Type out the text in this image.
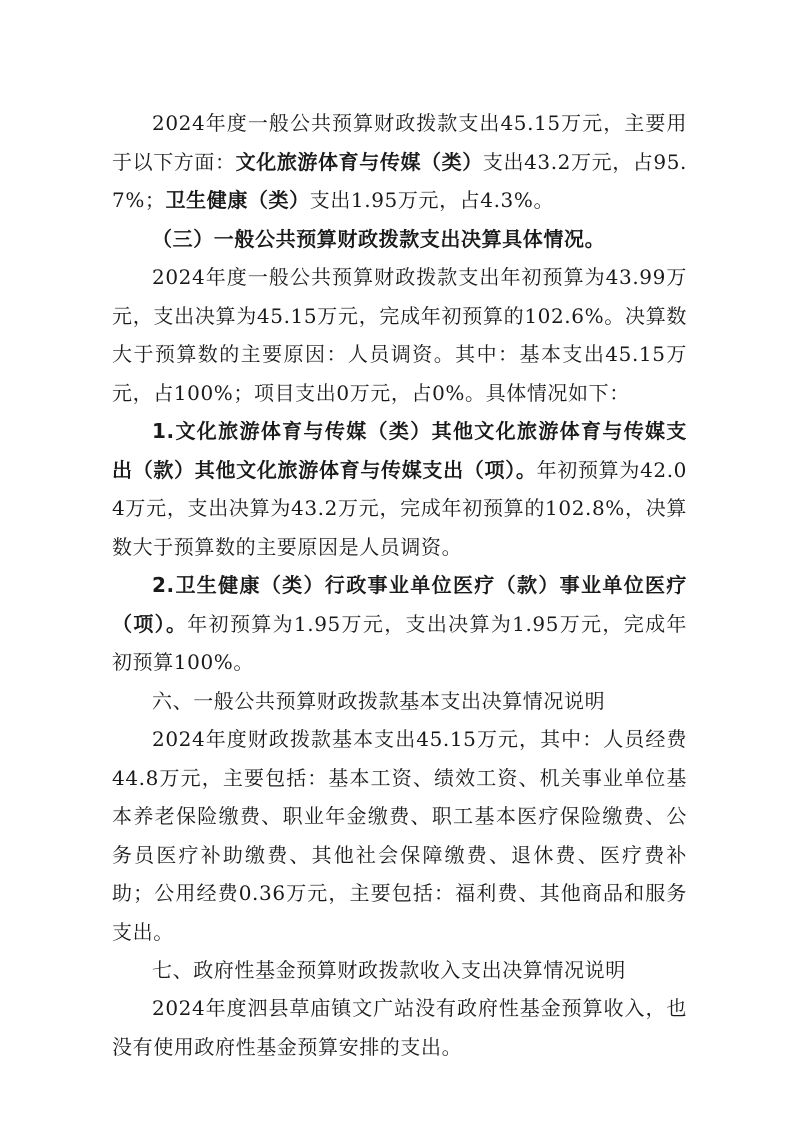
2024年度一般公共预算财政拨款支出45.15万元，主要用于以下方面：文化旅游体育与传媒（类）支出43.2万元，占95.7%；卫生健康（类）支出1.95万元，占4.3%。

（三）一般公共预算财政拨款支出决算具体情况。

2024年度一般公共预算财政拨款支出年初预算为43.99万元，支出决算为45.15万元，完成年初预算的102.6%。决算数大于预算数的主要原因：人员调资。其中：基本支出45.15万元，占100%；项目支出0万元，占0%。具体情况如下：

1.文化旅游体育与传媒（类）其他文化旅游体育与传媒支出（款）其他文化旅游体育与传媒支出（项）。年初预算为42.04万元，支出决算为43.2万元，完成年初预算的102.8%，决算数大于预算数的主要原因是人员调资。

2.卫生健康（类）行政事业单位医疗（款）事业单位医疗（项）。年初预算为1.95万元，支出决算为1.95万元，完成年初预算100%。

六、一般公共预算财政拨款基本支出决算情况说明

2024年度财政拨款基本支出45.15万元，其中：人员经费44.8万元，主要包括：基本工资、绩效工资、机关事业单位基本养老保险缴费、职业年金缴费、职工基本医疗保险缴费、公务员医疗补助缴费、其他社会保障缴费、退休费、医疗费补助；公用经费0.36万元，主要包括：福利费、其他商品和服务支出。

七、政府性基金预算财政拨款收入支出决算情况说明

2024年度泗县草庙镇文广站没有政府性基金预算收入，也没有使用政府性基金预算安排的支出。
